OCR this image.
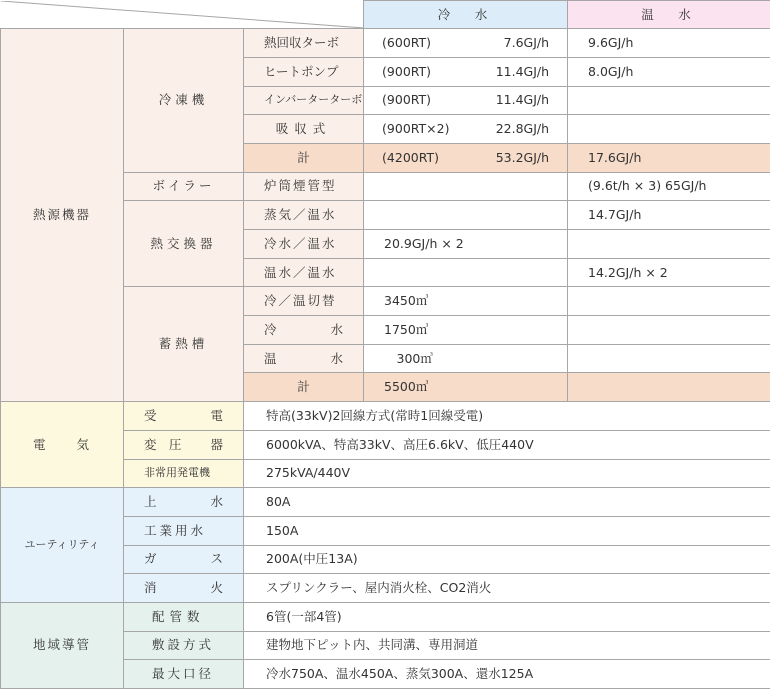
	冷　水	温　水
熱源機器	冷凍機	熱回収ターボ	(600RT) 7.6GJ/h	9.6GJ/h
		ヒートポンプ	(900RT) 11.4GJ/h	8.0GJ/h
		インバーターターボ	(900RT) 11.4GJ/h	

		吸収式	(900RT×2) 22.8GJ/h	

		計	(4200RT) 53.2GJ/h	17.6GJ/h
	ボイラー	炉筒煙管型		(9.6t/h × 3) 65GJ/h
	熱交換器	蒸気／温水		14.7GJ/h
		冷水／温水	20.9GJ/h × 2	
		温水／温水		14.2GJ/h × 2
	蓄熱槽	冷／温切替	3450㎥	

		冷 水	1750㎥	

		温 水	　300㎥	
		計	5500㎥	
電　　気	受 電	特高(33kV)2回線方式(常時1回線受電)		

	変　圧 器	6000kVA、特高33kV、高圧6.6kV、低圧440V		
	非常用発電機	275kVA/440V		
ユーティリティ	上 水	80A		
	工業用水	150A		

	ガ ス	200A(中圧13A)		

	消 火	スプリンクラー、屋内消火栓、CO2消火		
地域導管	配管数	6管(一部4管)		
	敷設方式	建物地下ピット内、共同溝、専用洞道		
	最大口径	冷水750A、温水450A、蒸気300A、還水125A		
